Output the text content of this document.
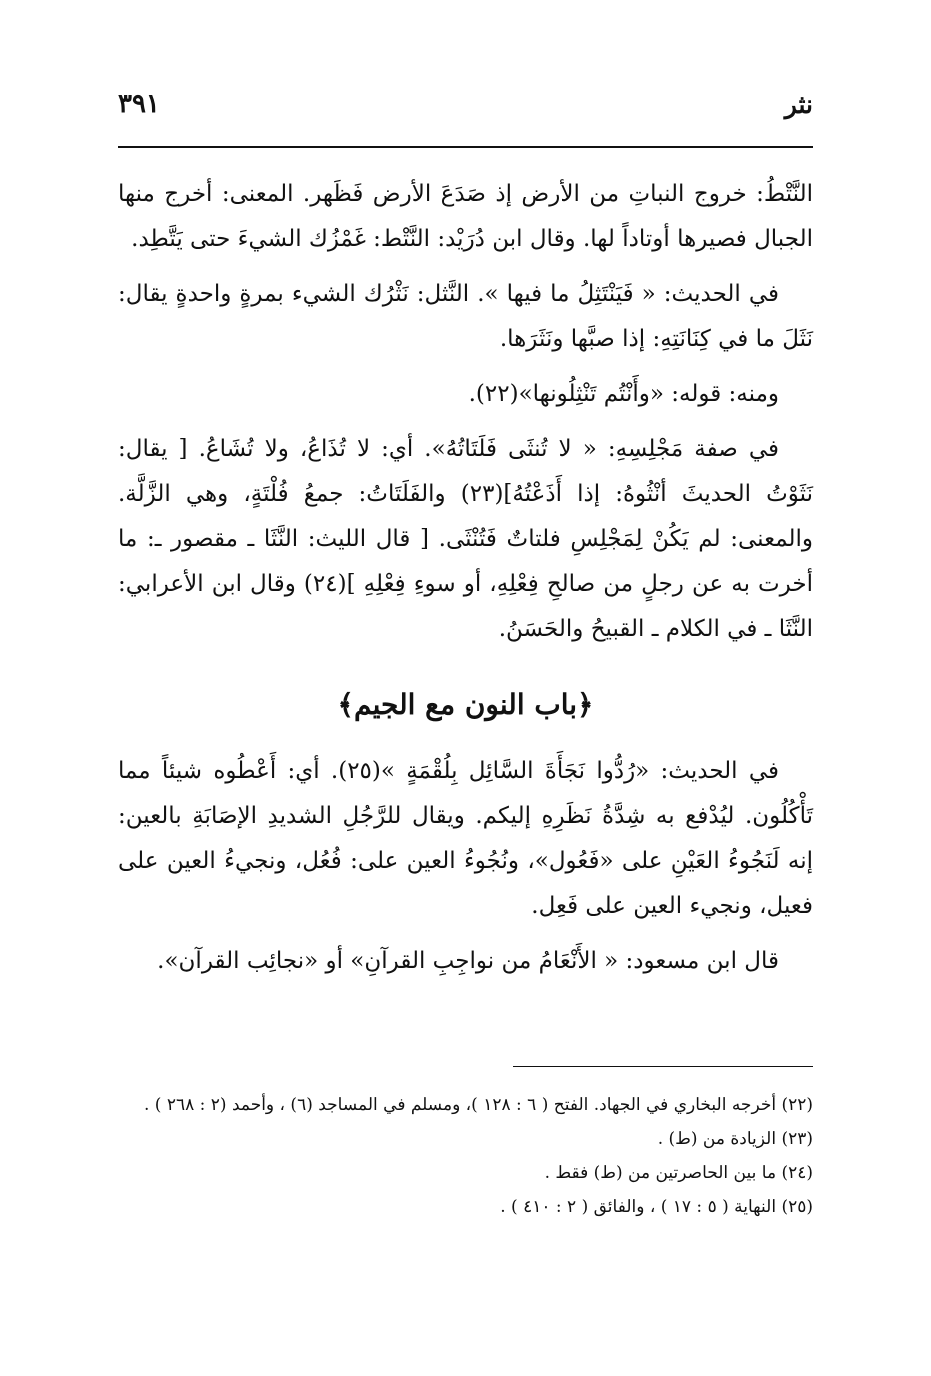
نثر
٣٩١

النَّتْطُ: خروج النباتِ من الأرض إذ صَدَعَ الأرض فَظَهر. المعنى: أخرج منها الجبال فصيرها أوتاداً لها. وقال ابن دُرَيْد: النَّتْط: غَمْزُك الشيءَ حتى يَتَّطِد.

في الحديث: « فَيَنْتَثِلُ ما فيها ». النَّثل: نَثْرُك الشيء بمرةٍ واحدةٍ يقال: نَثَلَ ما في كِنَانَتِهِ: إذا صبَّها ونَثَرَها.

ومنه: قوله: «وأَنْتُم تَنْثِلُونها»(٢٢).

في صفة مَجْلِسِهِ: « لا تُنثَى فَلَتَاتُهُ». أي: لا تُذَاعُ، ولا تُشَاعُ. [ يقال: نَثَوْتُ الحديثَ أنْثُوهُ: إذا أَذَعْتُهُ](٢٣) والفَلَتَاتُ: جمعُ فُلْتَةٍ، وهي الزَّلَّة. والمعنى: لم يَكُنْ لِمَجْلِسِ فلتاتٌ فَتُنْثَى. [ قال الليث: النَّثَا ـ مقصور ـ: ما أخرت به عن رجلٍ من صالحِ فِعْلِهِ، أو سوءِ فِعْلِهِ ](٢٤) وقال ابن الأعرابي: النَّثَا ـ في الكلام ـ القبيحُ والحَسَنُ.

﴿باب النون مع الجيم﴾

في الحديث: «رُدُّوا نَجَأَةَ السَّائِل بِلُقْمَةٍ »(٢٥). أي: أَعْطُوه شيئاً مما تَأْكُلُون. ليُدْفع به شِدَّةُ نَظَرِهِ إليكم. ويقال للرَّجُلِ الشديدِ الإصَابَةِ بالعين: إنه لَنَجُوءُ العَيْنِ على «فَعُول»، ونُجُوءُ العين على: فُعُل، ونجيءُ العين على فعيل، ونجيء العين على فَعِل.

قال ابن مسعود: « الأَنْعَامُ من نواجِبِ القرآنِ» أو «نجائِب القرآن».

(٢٢) أخرجه البخاري في الجهاد. الفتح ( ٦ : ١٢٨ )، ومسلم في المساجد (٦) ، وأحمد (٢ : ٢٦٨ ) .
(٢٣) الزيادة من (ط) .
(٢٤) ما بين الحاصرتين من (ط) فقط .
(٢٥) النهاية ( ٥ : ١٧ ) ، والفائق ( ٢ : ٤١٠ ) .
